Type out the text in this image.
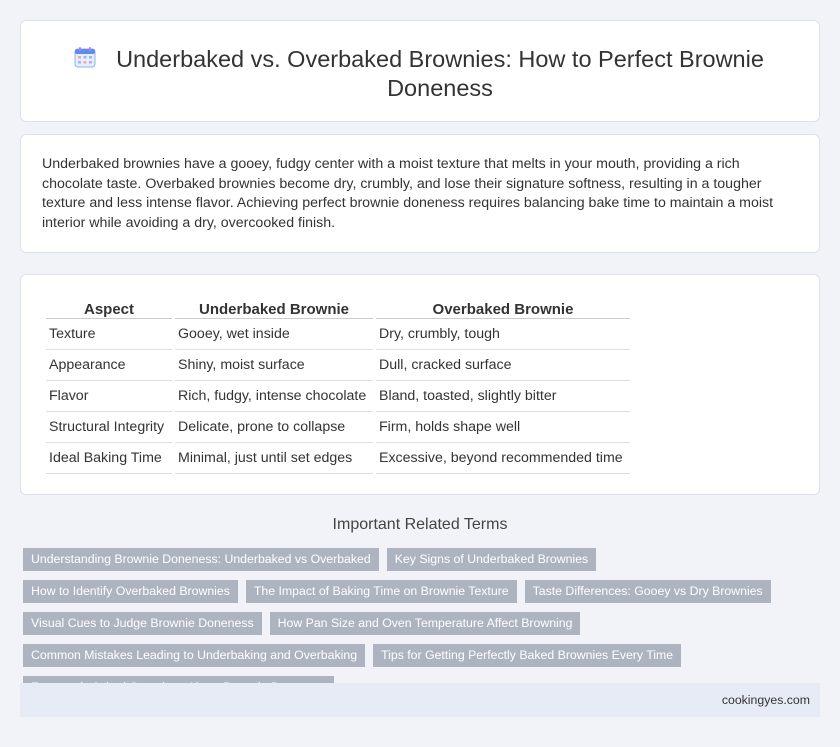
Underbaked vs. Overbaked Brownies: How to Perfect Brownie Doneness

Underbaked brownies have a gooey, fudgy center with a moist texture that melts in your mouth, providing a rich chocolate taste. Overbaked brownies become dry, crumbly, and lose their signature softness, resulting in a tougher texture and less intense flavor. Achieving perfect brownie doneness requires balancing bake time to maintain a moist interior while avoiding a dry, overcooked finish.

Aspect	Underbaked Brownie	Overbaked Brownie
Texture	Gooey, wet inside	Dry, crumbly, tough
Appearance	Shiny, moist surface	Dull, cracked surface
Flavor	Rich, fudgy, intense chocolate	Bland, toasted, slightly bitter
Structural Integrity	Delicate, prone to collapse	Firm, holds shape well
Ideal Baking Time	Minimal, just until set edges	Excessive, beyond recommended time
Important Related Terms
Understanding Brownie Doneness: Underbaked vs Overbaked	Key Signs of Underbaked Brownies
How to Identify Overbaked Brownies	The Impact of Baking Time on Brownie Texture	Taste Differences: Gooey vs Dry Brownies
Visual Cues to Judge Brownie Doneness	How Pan Size and Oven Temperature Affect Browning
Common Mistakes Leading to Underbaking and Overbaking	Tips for Getting Perfectly Baked Brownies Every Time
cookingyes.com
